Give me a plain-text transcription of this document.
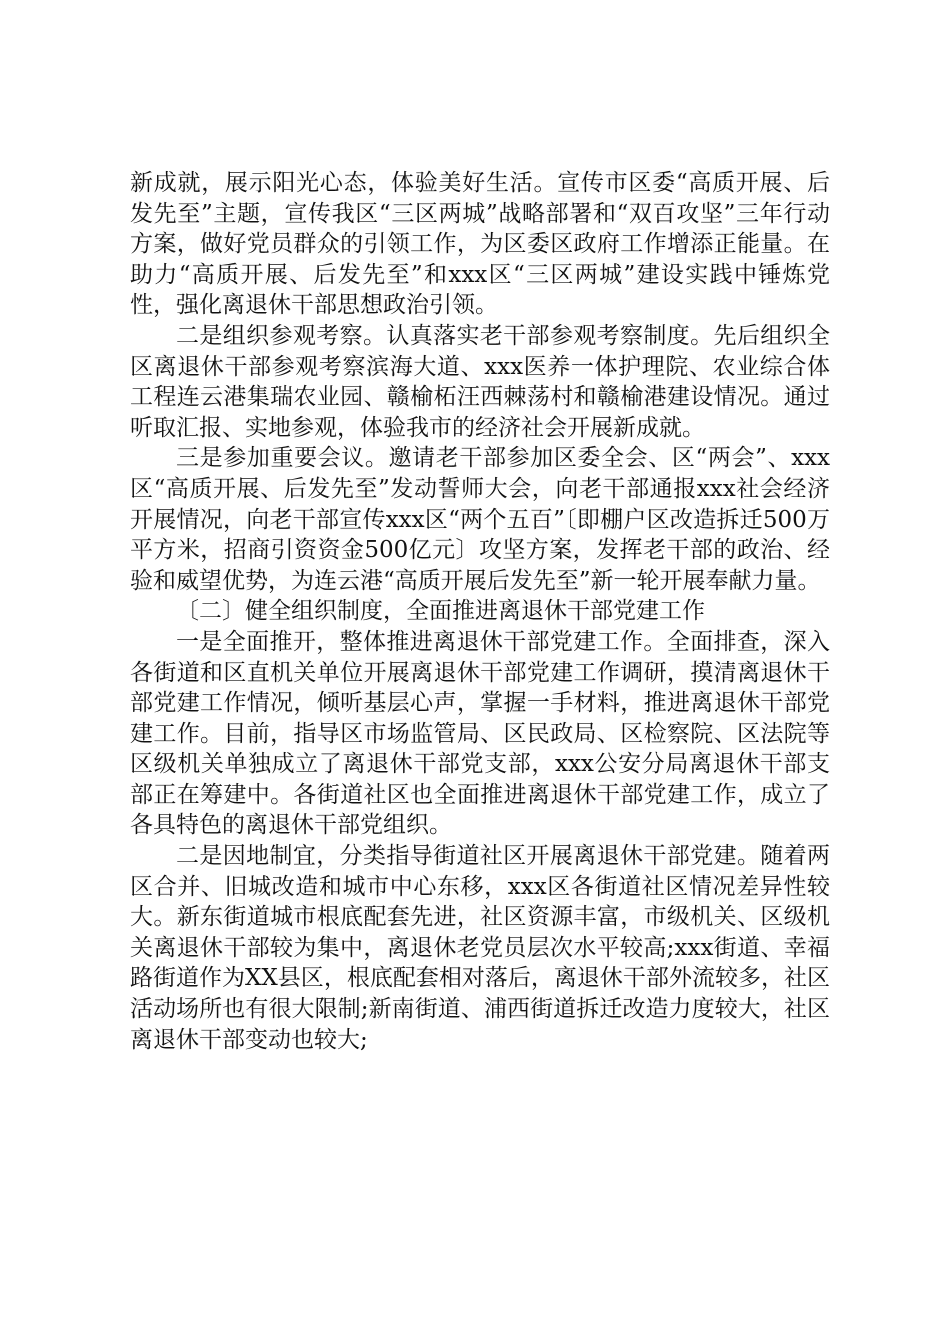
新成就，展示阳光心态，体验美好生活。宣传市区委“高质开展、后发先至”主题，宣传我区“三区两城”战略部署和“双百攻坚”三年行动方案，做好党员群众的引领工作，为区委区政府工作增添正能量。在助力“高质开展、后发先至”和xxx区“三区两城”建设实践中锤炼党性，强化离退休干部思想政治引领。

二是组织参观考察。认真落实老干部参观考察制度。先后组织全区离退休干部参观考察滨海大道、xxx医养一体护理院、农业综合体工程连云港集瑞农业园、赣榆柘汪西棘荡村和赣榆港建设情况。通过听取汇报、实地参观，体验我市的经济社会开展新成就。

三是参加重要会议。邀请老干部参加区委全会、区“两会”、xxx区“高质开展、后发先至”发动誓师大会，向老干部通报xxx社会经济开展情况，向老干部宣传xxx区“两个五百”〔即棚户区改造拆迁500万平方米，招商引资资金500亿元〕攻坚方案，发挥老干部的政治、经验和威望优势，为连云港“高质开展后发先至”新一轮开展奉献力量。

〔二〕健全组织制度，全面推进离退休干部党建工作

一是全面推开，整体推进离退休干部党建工作。全面排查，深入各街道和区直机关单位开展离退休干部党建工作调研，摸清离退休干部党建工作情况，倾听基层心声，掌握一手材料，推进离退休干部党建工作。目前，指导区市场监管局、区民政局、区检察院、区法院等区级机关单独成立了离退休干部党支部，xxx公安分局离退休干部支部正在筹建中。各街道社区也全面推进离退休干部党建工作，成立了各具特色的离退休干部党组织。

二是因地制宜，分类指导街道社区开展离退休干部党建。随着两区合并、旧城改造和城市中心东移，xxx区各街道社区情况差异性较大。新东街道城市根底配套先进，社区资源丰富，市级机关、区级机关离退休干部较为集中，离退休老党员层次水平较高;xxx街道、幸福路街道作为XX县区，根底配套相对落后，离退休干部外流较多，社区活动场所也有很大限制;新南街道、浦西街道拆迁改造力度较大，社区离退休干部变动也较大;
